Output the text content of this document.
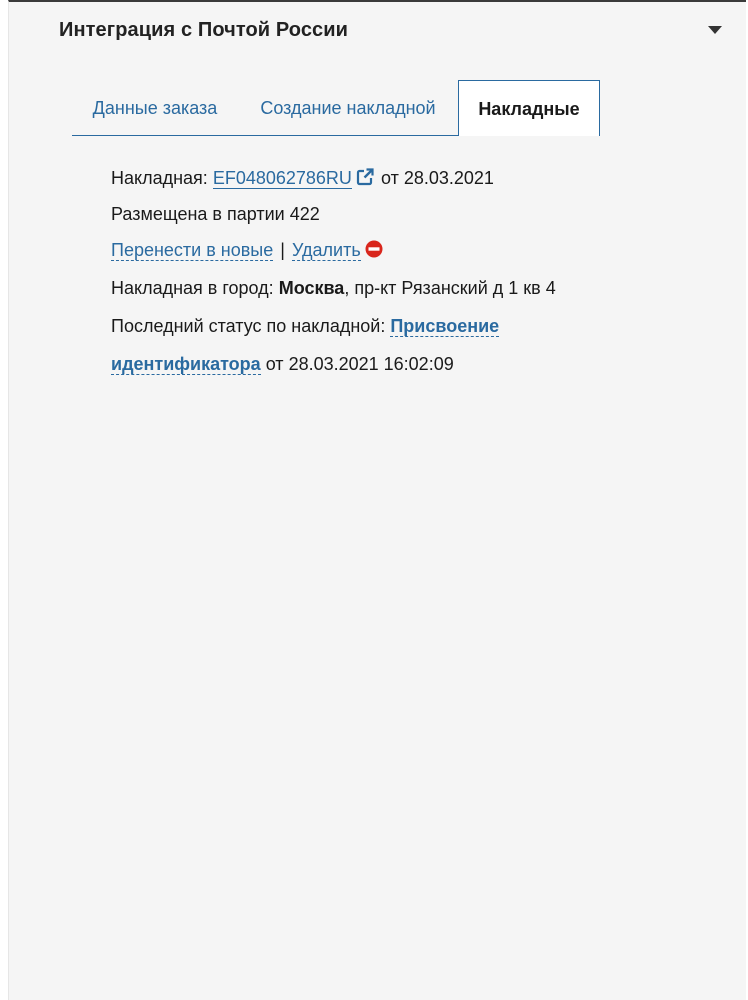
Интеграция с Почтой России
Данные заказа	Создание накладной	Накладные
Накладная: EF048062786RU от 28.03.2021
Размещена в партии 422
Перенести в новые | Удалить
Накладная в город: Москва, пр-кт Рязанский д 1 кв 4
Последний статус по накладной: Присвоение
идентификатора от 28.03.2021 16:02:09
